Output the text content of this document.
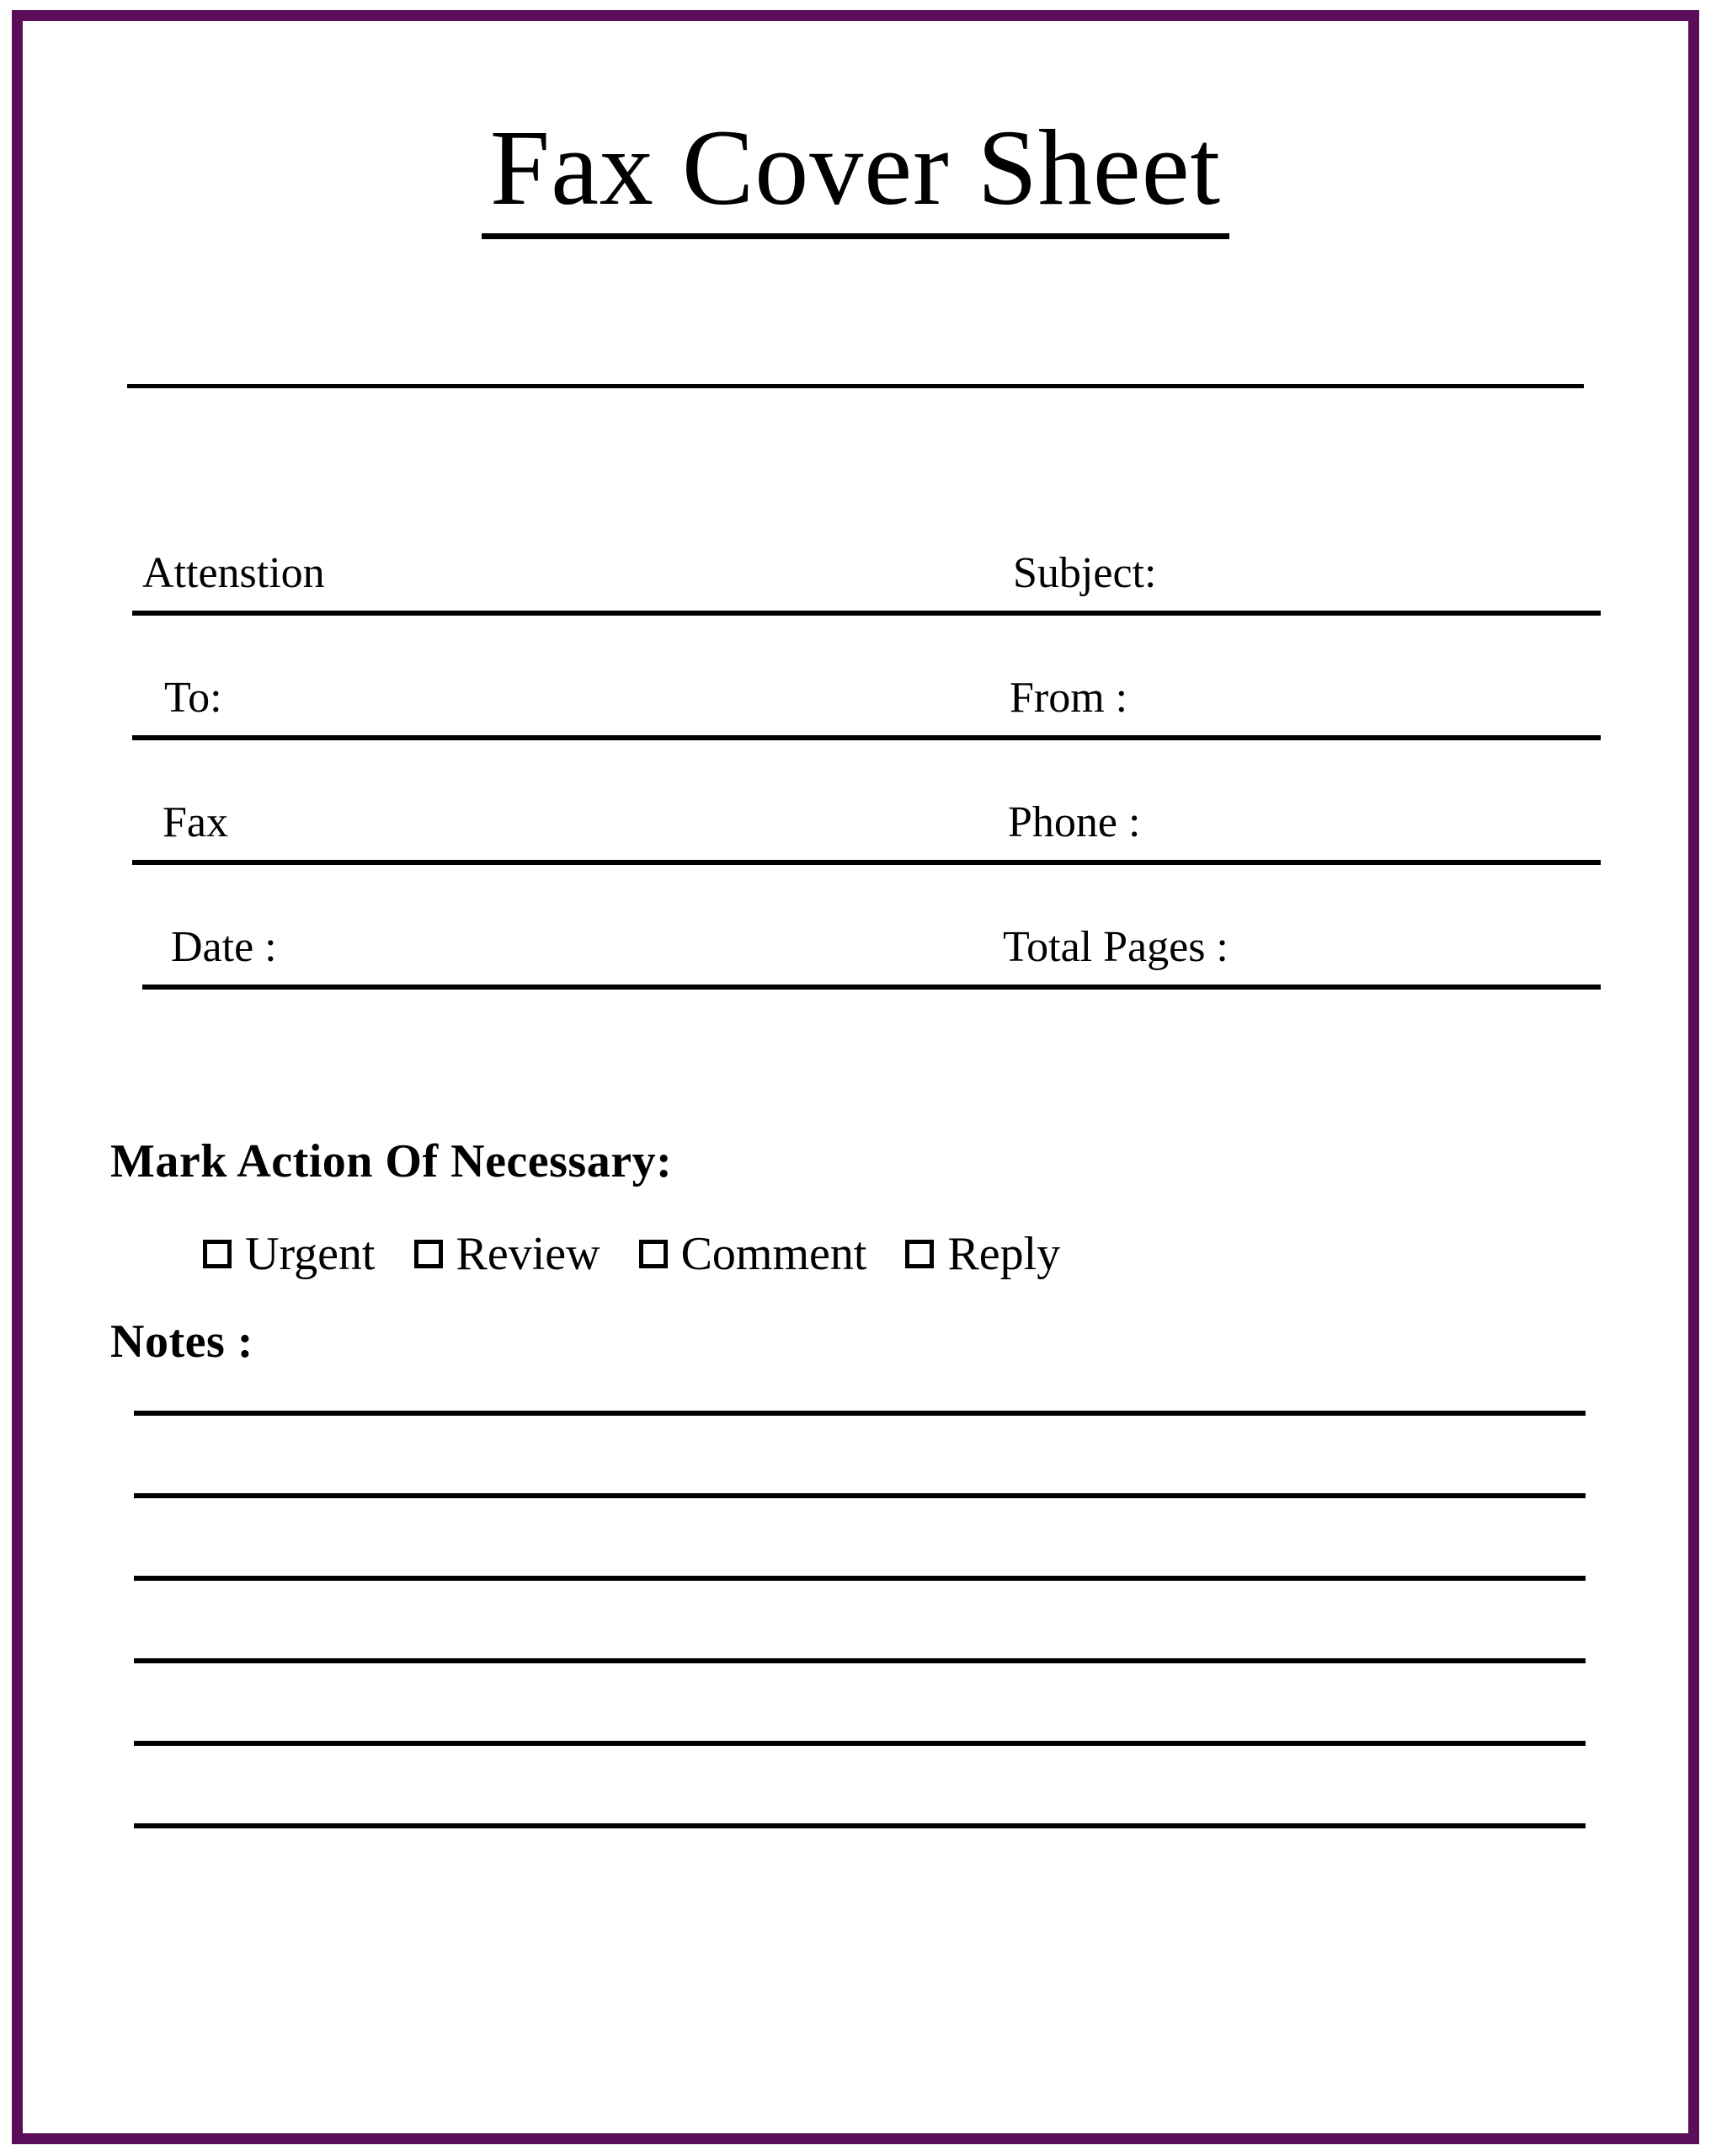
Fax Cover Sheet
Attenstion	Subject:
To:	From :
Fax	Phone :
Date :	Total Pages :
Mark Action Of Necessary:
Urgent Review Comment Reply
Notes :
